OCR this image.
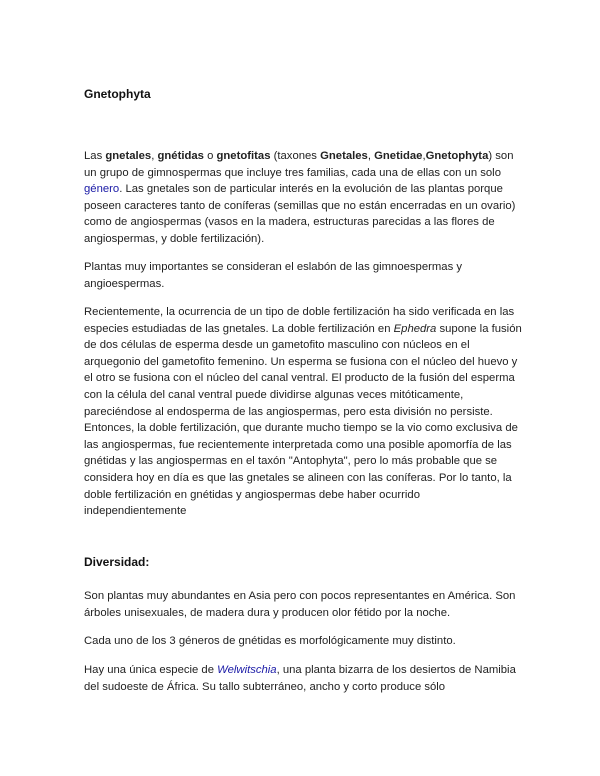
Gnetophyta

Las gnetales, gnétidas o gnetofitas (taxones Gnetales, Gnetidae,Gnetophyta) son un grupo de gimnospermas que incluye tres familias, cada una de ellas con un solo género. Las gnetales son de particular interés en la evolución de las plantas porque poseen caracteres tanto de coníferas (semillas que no están encerradas en un ovario) como de angiospermas (vasos en la madera, estructuras parecidas a las flores de angiospermas, y doble fertilización).

Plantas muy importantes se consideran el eslabón de las gimnoespermas y angioespermas.

Recientemente, la ocurrencia de un tipo de doble fertilización ha sido verificada en las especies estudiadas de las gnetales. La doble fertilización en Ephedra supone la fusión de dos células de esperma desde un gametofito masculino con núcleos en el arquegonio del gametofito femenino. Un esperma se fusiona con el núcleo del huevo y el otro se fusiona con el núcleo del canal ventral. El producto de la fusión del esperma con la célula del canal ventral puede dividirse algunas veces mitóticamente, pareciéndose al endosperma de las angiospermas, pero esta división no persiste. Entonces, la doble fertilización, que durante mucho tiempo se la vio como exclusiva de las angiospermas, fue recientemente interpretada como una posible apomorfía de las gnétidas y las angiospermas en el taxón "Antophyta", pero lo más probable que se considera hoy en día es que las gnetales se alineen con las coníferas. Por lo tanto, la doble fertilización en gnétidas y angiospermas debe haber ocurrido independientemente

Diversidad:

Son plantas muy abundantes en Asia pero con pocos representantes en América. Son árboles unisexuales, de madera dura y producen olor fétido por la noche.

Cada uno de los 3 géneros de gnétidas es morfológicamente muy distinto.

Hay una única especie de Welwitschia, una planta bizarra de los desiertos de Namibia del sudoeste de África. Su tallo subterráneo, ancho y corto produce sólo
